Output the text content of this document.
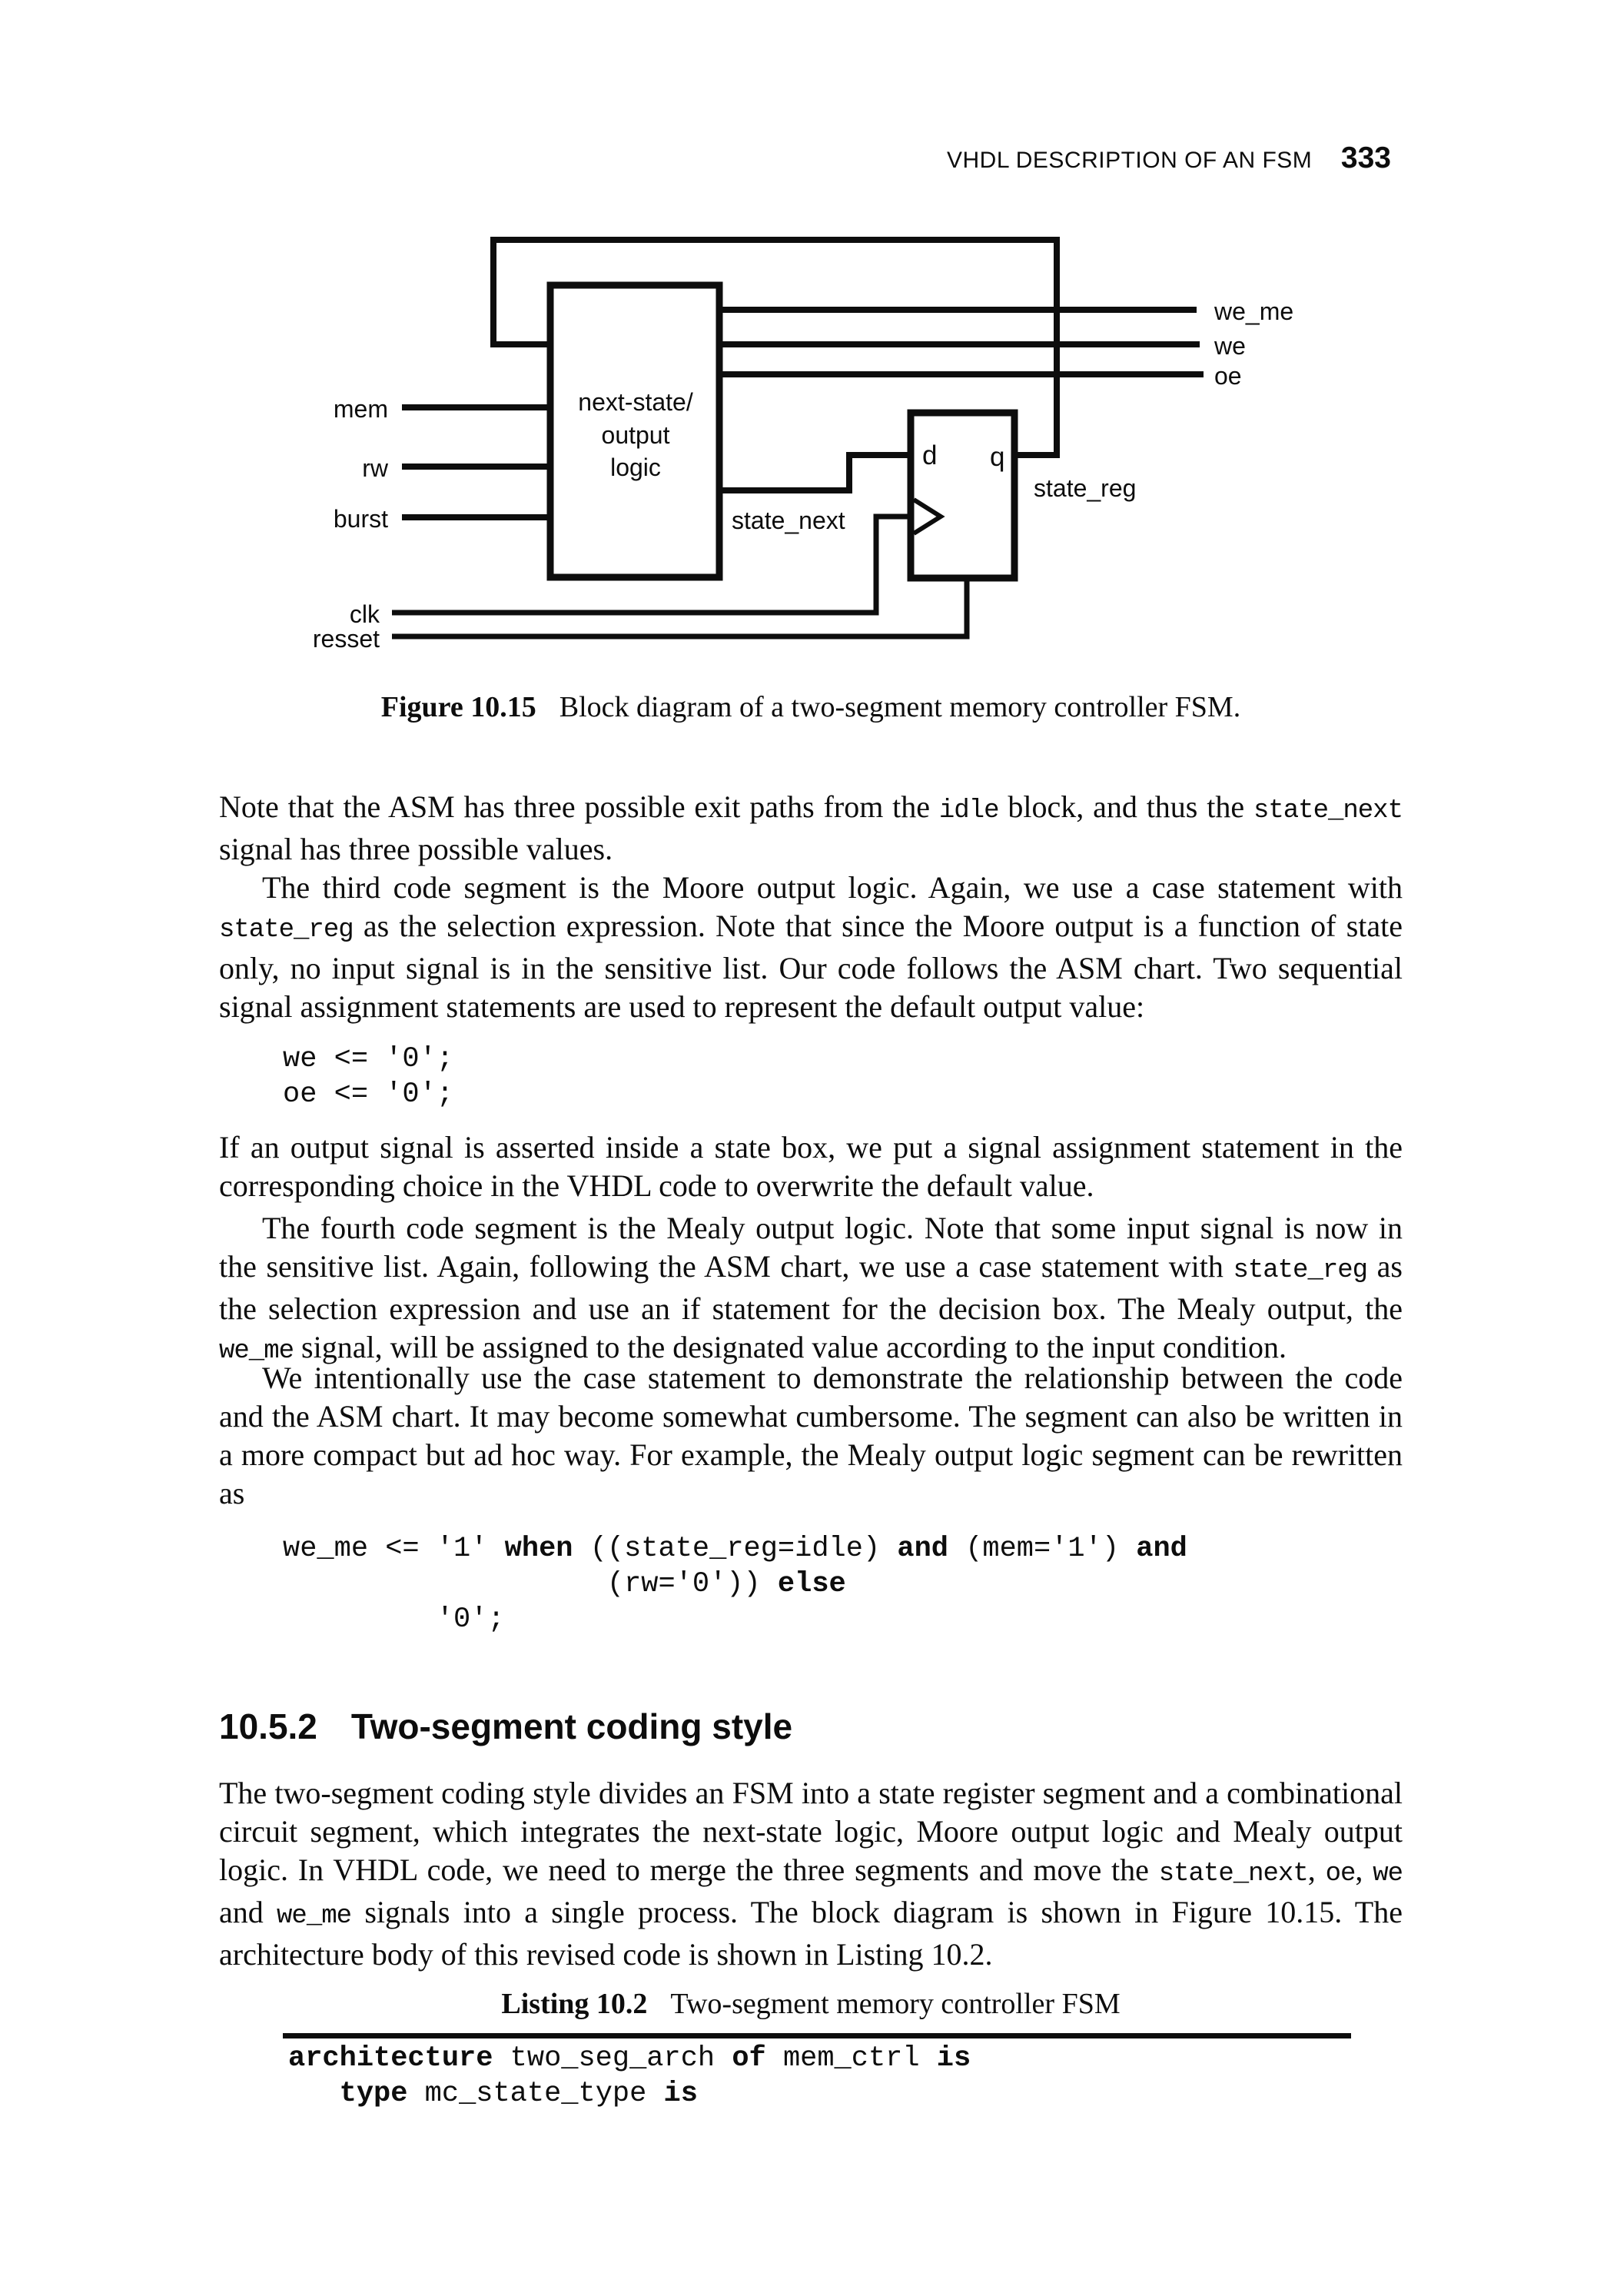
VHDL DESCRIPTION OF AN FSM 333
next-state/
output
logic	d q
mem
rw
burst
clk
resset
we_me
we
oe
state_next
state_reg
Figure 10.15 Block diagram of a two-segment memory controller FSM.

Note that the ASM has three possible exit paths from the idle block, and thus the state_next signal has three possible values.

The third code segment is the Moore output logic. Again, we use a case statement with state_reg as the selection expression. Note that since the Moore output is a function of state only, no input signal is in the sensitive list. Our code follows the ASM chart. Two sequential signal assignment statements are used to represent the default output value:

we <= '0';
oe <= '0';

If an output signal is asserted inside a state box, we put a signal assignment statement in the corresponding choice in the VHDL code to overwrite the default value.

The fourth code segment is the Mealy output logic. Note that some input signal is now in the sensitive list. Again, following the ASM chart, we use a case statement with state_reg as the selection expression and use an if statement for the decision box. The Mealy output, the we_me signal, will be assigned to the designated value according to the input condition.

We intentionally use the case statement to demonstrate the relationship between the code and the ASM chart. It may become somewhat cumbersome. The segment can also be written in a more compact but ad hoc way. For example, the Mealy output logic segment can be rewritten as

we_me <= '1' when ((state_reg=idle) and (mem='1') and
(rw='0')) else
'0';
10.5.2 Two-segment coding style

The two-segment coding style divides an FSM into a state register segment and a combinational circuit segment, which integrates the next-state logic, Moore output logic and Mealy output logic. In VHDL code, we need to merge the three segments and move the state_next, oe, we and we_me signals into a single process. The block diagram is shown in Figure 10.15. The architecture body of this revised code is shown in Listing 10.2.

Listing 10.2 Two-segment memory controller FSM
architecture two_seg_arch of mem_ctrl is
type mc_state_type is
